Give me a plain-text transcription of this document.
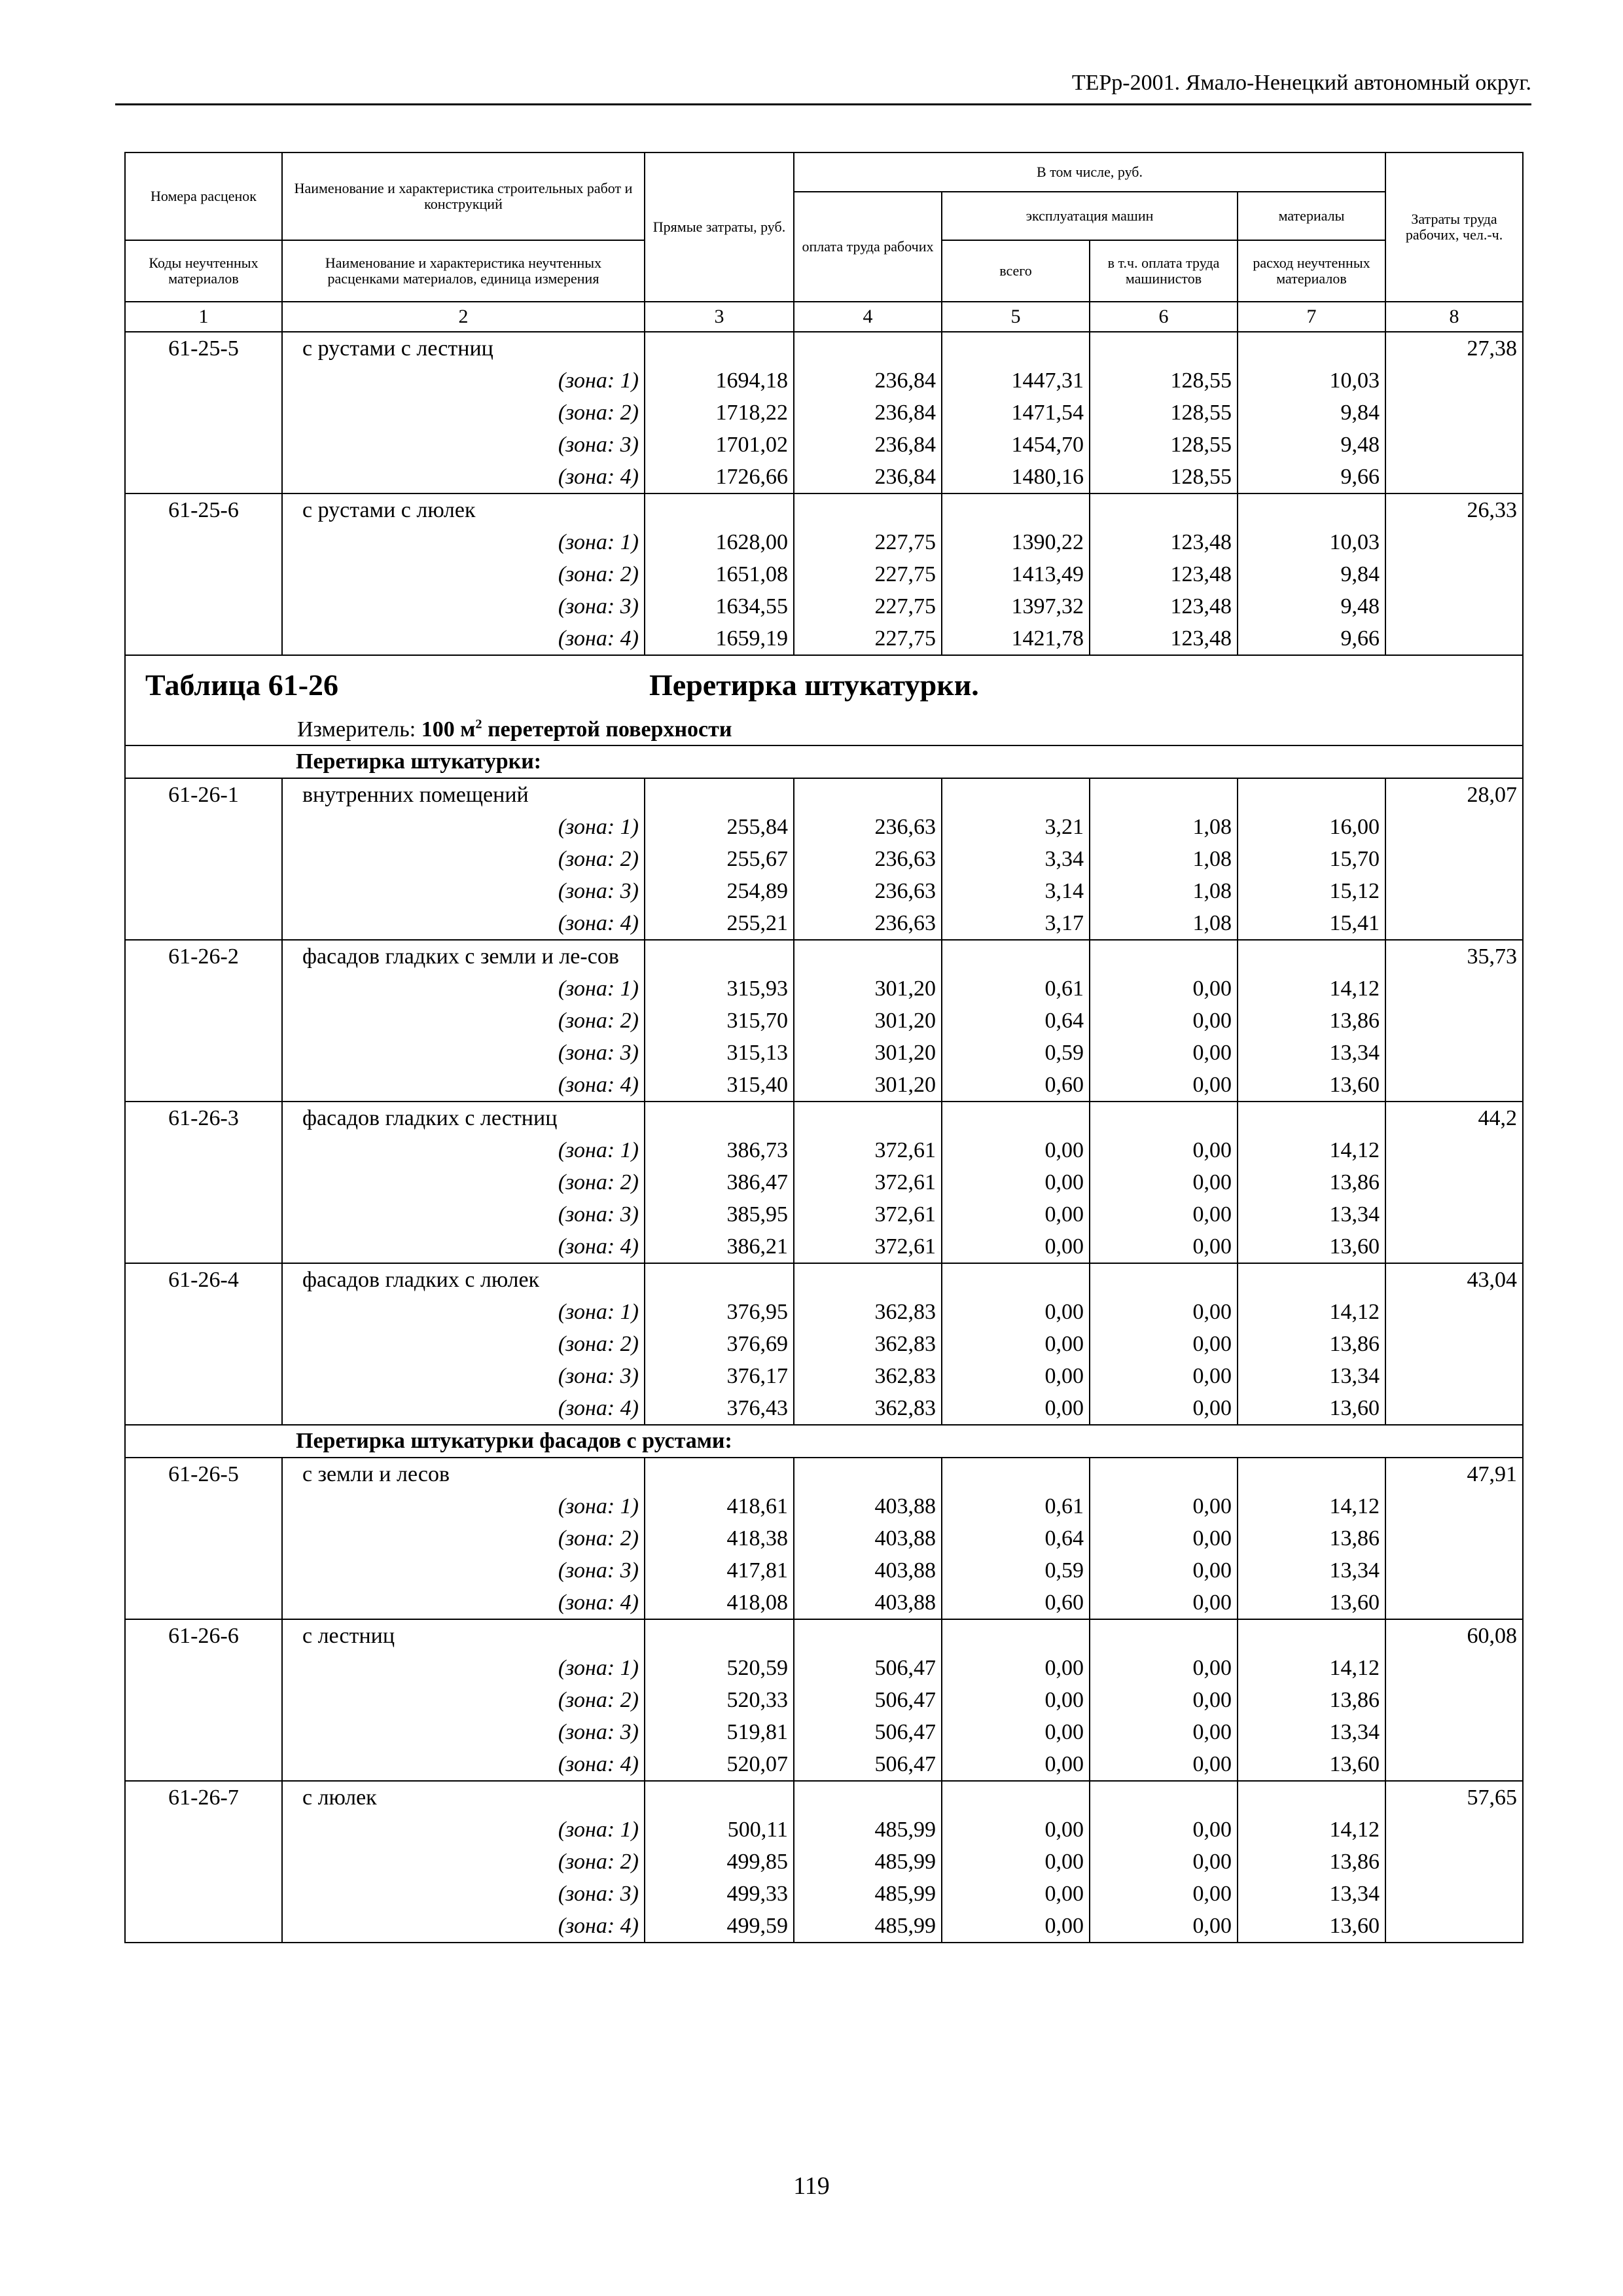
ТЕРр-2001. Ямало-Ненецкий автономный округ.
Номера расценок	Наименование и характеристика строительных работ и конструкций	Прямые затраты, руб.	В том числе, руб.				Затраты труда рабочих, чел.-ч.
			оплата труда рабочих	эксплуатация машин		материалы	
Коды неучтенных материалов	Наименование и характеристика неучтенных расценками материалов, единица измерения			всего	в т.ч. оплата труда машинистов	расход неучтенных материалов	
1	2	3	4	5	6	7	8
61-25-5	с рустами с лестниц						27,38
	(зона: 1)	1694,18	236,84	1447,31	128,55	10,03	
	(зона: 2)	1718,22	236,84	1471,54	128,55	9,84	
	(зона: 3)	1701,02	236,84	1454,70	128,55	9,48	
	(зона: 4)	1726,66	236,84	1480,16	128,55	9,66	
61-25-6	с рустами с люлек						26,33
	(зона: 1)	1628,00	227,75	1390,22	123,48	10,03	
	(зона: 2)	1651,08	227,75	1413,49	123,48	9,84	
	(зона: 3)	1634,55	227,75	1397,32	123,48	9,48	
	(зона: 4)	1659,19	227,75	1421,78	123,48	9,66	
Таблица 61-26 Перетирка штукатурки.							
Измеритель: 100 $м^2$ перетертой поверхности							
Перетирка штукатурки:							
61-26-1	внутренних помещений						28,07
	(зона: 1)	255,84	236,63	3,21	1,08	16,00	
	(зона: 2)	255,67	236,63	3,34	1,08	15,70	
	(зона: 3)	254,89	236,63	3,14	1,08	15,12	
	(зона: 4)	255,21	236,63	3,17	1,08	15,41	
61-26-2	фасадов гладких с земли и ле-сов						35,73
	(зона: 1)	315,93	301,20	0,61	0,00	14,12	
	(зона: 2)	315,70	301,20	0,64	0,00	13,86	
	(зона: 3)	315,13	301,20	0,59	0,00	13,34	
	(зона: 4)	315,40	301,20	0,60	0,00	13,60	
61-26-3	фасадов гладких с лестниц						44,2
	(зона: 1)	386,73	372,61	0,00	0,00	14,12	
	(зона: 2)	386,47	372,61	0,00	0,00	13,86	
	(зона: 3)	385,95	372,61	0,00	0,00	13,34	
	(зона: 4)	386,21	372,61	0,00	0,00	13,60	
61-26-4	фасадов гладких с люлек						43,04
	(зона: 1)	376,95	362,83	0,00	0,00	14,12	
	(зона: 2)	376,69	362,83	0,00	0,00	13,86	
	(зона: 3)	376,17	362,83	0,00	0,00	13,34	
	(зона: 4)	376,43	362,83	0,00	0,00	13,60	
Перетирка штукатурки фасадов с рустами:							
61-26-5	с земли и лесов						47,91
	(зона: 1)	418,61	403,88	0,61	0,00	14,12	
	(зона: 2)	418,38	403,88	0,64	0,00	13,86	
	(зона: 3)	417,81	403,88	0,59	0,00	13,34	
	(зона: 4)	418,08	403,88	0,60	0,00	13,60	
61-26-6	с лестниц						60,08
	(зона: 1)	520,59	506,47	0,00	0,00	14,12	
	(зона: 2)	520,33	506,47	0,00	0,00	13,86	
	(зона: 3)	519,81	506,47	0,00	0,00	13,34	
	(зона: 4)	520,07	506,47	0,00	0,00	13,60	
61-26-7	с люлек						57,65
	(зона: 1)	500,11	485,99	0,00	0,00	14,12	
	(зона: 2)	499,85	485,99	0,00	0,00	13,86	
	(зона: 3)	499,33	485,99	0,00	0,00	13,34	
	(зона: 4)	499,59	485,99	0,00	0,00	13,60	
119
